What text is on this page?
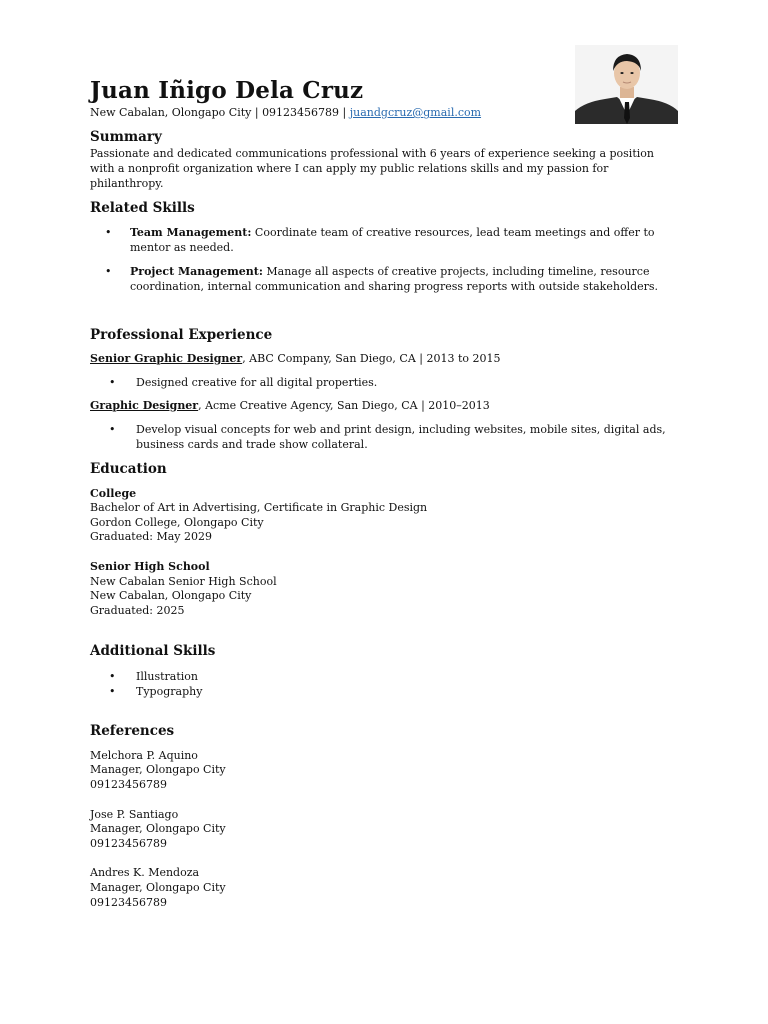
Juan Iñigo Dela Cruz
New Cabalan, Olongapo City | 09123456789 | juandgcruz@gmail.com
Summary
Passionate and dedicated communications professional with 6 years of experience seeking a position with a nonprofit organization where I can apply my public relations skills and my passion for philanthropy.
Related Skills
• Team Management: Coordinate team of creative resources, lead team meetings and offer to mentor as needed.
• Project Management: Manage all aspects of creative projects, including timeline, resource coordination, internal communication and sharing progress reports with outside stakeholders.
Professional Experience
Senior Graphic Designer, ABC Company, San Diego, CA | 2013 to 2015
• Designed creative for all digital properties.
Graphic Designer, Acme Creative Agency, San Diego, CA | 2010–2013
• Develop visual concepts for web and print design, including websites, mobile sites, digital ads, business cards and trade show collateral.
Education
College
Bachelor of Art in Advertising, Certificate in Graphic Design
Gordon College, Olongapo City
Graduated: May 2029
Senior High School
New Cabalan Senior High School
New Cabalan, Olongapo City
Graduated: 2025
Additional Skills
• Illustration
• Typography
References
Melchora P. Aquino
Manager, Olongapo City
09123456789
Jose P. Santiago
Manager, Olongapo City
09123456789
Andres K. Mendoza
Manager, Olongapo City
09123456789
